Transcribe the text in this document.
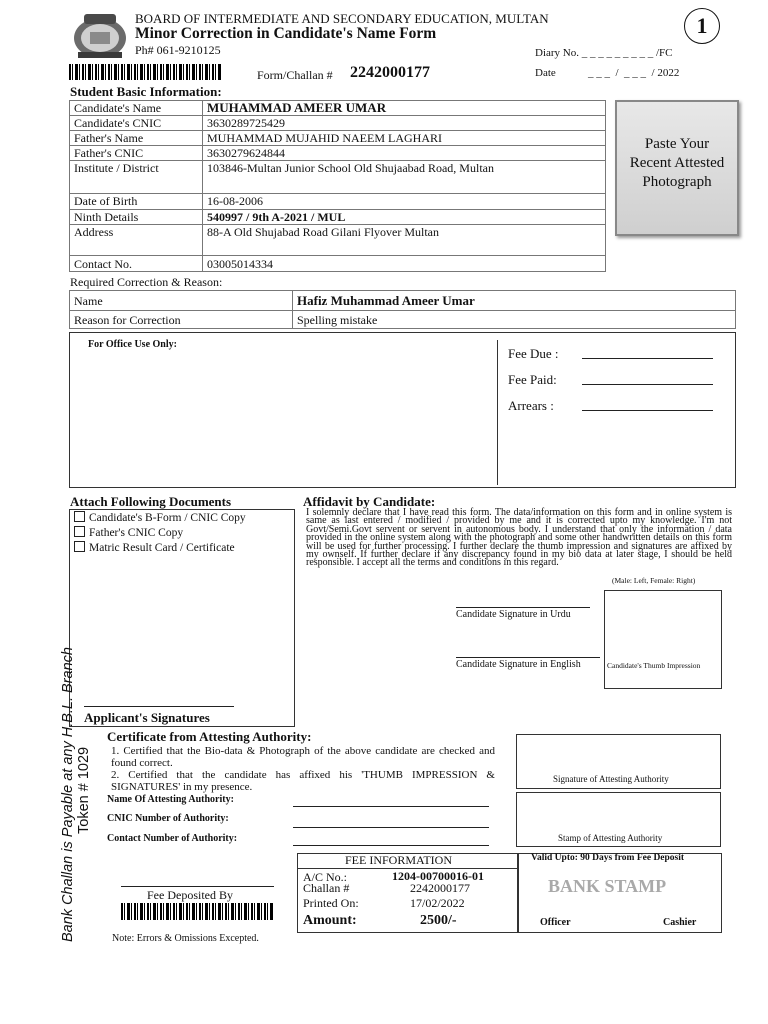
BOARD OF INTERMEDIATE AND SECONDARY EDUCATION, MULTAN
Minor Correction in Candidate's Name Form
Ph# 061-9210125
1
Diary No. _ _ _ _ _ _ _ _ _ /FC
Date	_ _ _  /  _ _ _  / 2022
Form/Challan # 2242000177
Student Basic Information:
Candidate's Name	MUHAMMAD AMEER UMAR
Candidate's CNIC	3630289725429
Father's Name	MUHAMMAD MUJAHID NAEEM LAGHARI
Father's CNIC	3630279624844
Institute / District	103846-Multan Junior School Old Shujaabad Road, Multan
Date of Birth	16-08-2006
Ninth Details	540997 / 9th A-2021 / MUL
Address	88-A Old Shujabad Road Gilani Flyover Multan
Contact No.	03005014334
Paste Your
Recent Attested
Photograph
Required Correction & Reason:
Name	Hafiz Muhammad Ameer Umar
Reason for Correction	Spelling mistake
For Office Use Only:
Fee Due :
Fee Paid:
Arrears :
Attach Following Documents
Candidate's B-Form / CNIC Copy
Father's CNIC Copy
Matric Result Card / Certificate
Applicant's Signatures
Affidavit by Candidate:
I solemnly declare that I have read this form. The data/information on this form and in online system is same as last entered / modified / provided by me and it is corrected upto my knowledge. I'm not Govt/Semi.Govt servent or servent in autonomous body. I understand that only the information / data provided in the online system along with the photograph and some other handwritten details on this form will be used for further processing. I further declare the thumb impression and signatures are affixed by my ownself. If further declare if any discrepancy found in my bio data at later stage, I should be held responsible. I accept all the terms and conditions in this regard.
(Male: Left, Female: Right)
Candidate's Thumb Impression
Candidate Signature in Urdu
Candidate Signature in English
Bank Challan is Payable at any H.B.L. Branch Token # 1029
Certificate from Attesting Authority:
1. Certified that the Bio-data & Photograph of the above candidate are checked and found correct.
2. Certified that the candidate has affixed his 'THUMB IMPRESSION & SIGNATURES' in my presence.
Name Of Attesting Authority:
CNIC Number of Authority:
Contact Number of Authority:
Signature of Attesting Authority
Stamp of Attesting Authority
Fee Deposited By
Note: Errors & Omissions Excepted.
FEE INFORMATION
A/C No.:	1204-00700016-01
Challan #	2242000177
Printed On:	17/02/2022
Amount:	2500/-
Valid Upto: 90 Days from Fee Deposit
BANK STAMP
Officer	Cashier
